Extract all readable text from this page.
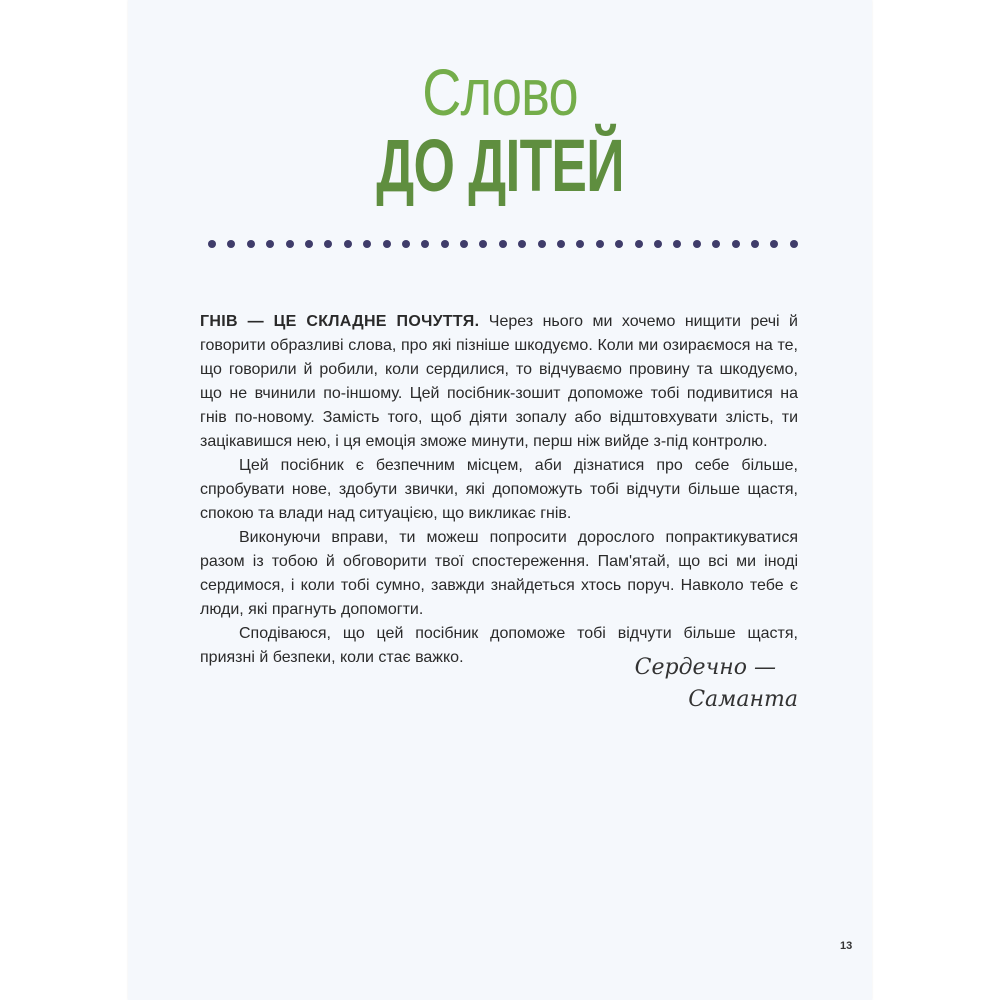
Слово
ДО ДІТЕЙ

ГНІВ — ЦЕ СКЛАДНЕ ПОЧУТТЯ. Через нього ми хочемо нищити речі й говорити образливі слова, про які пізніше шкодуємо. Коли ми озираємося на те, що говорили й робили, коли сердилися, то відчуваємо провину та шкодуємо, що не вчинили по-іншому. Цей посібник-зошит допоможе тобі подивитися на гнів по-новому. Замість того, щоб діяти зопалу або відштовхувати злість, ти зацікавишся нею, і ця емоція зможе минути, перш ніж вийде з-під контролю.

Цей посібник є безпечним місцем, аби дізнатися про себе більше, спробувати нове, здобути звички, які допоможуть тобі відчути більше щастя, спокою та влади над ситуацією, що викликає гнів.

Виконуючи вправи, ти можеш попросити дорослого попрактикуватися разом із тобою й обговорити твої спостереження. Пам'ятай, що всі ми іноді сердимося, і коли тобі сумно, завжди знайдеться хтось поруч. Навколо тебе є люди, які прагнуть допомогти.

Сподіваюся, що цей посібник допоможе тобі відчути більше щастя, приязні й безпеки, коли стає важко.	Сердечно —
Саманта
13
